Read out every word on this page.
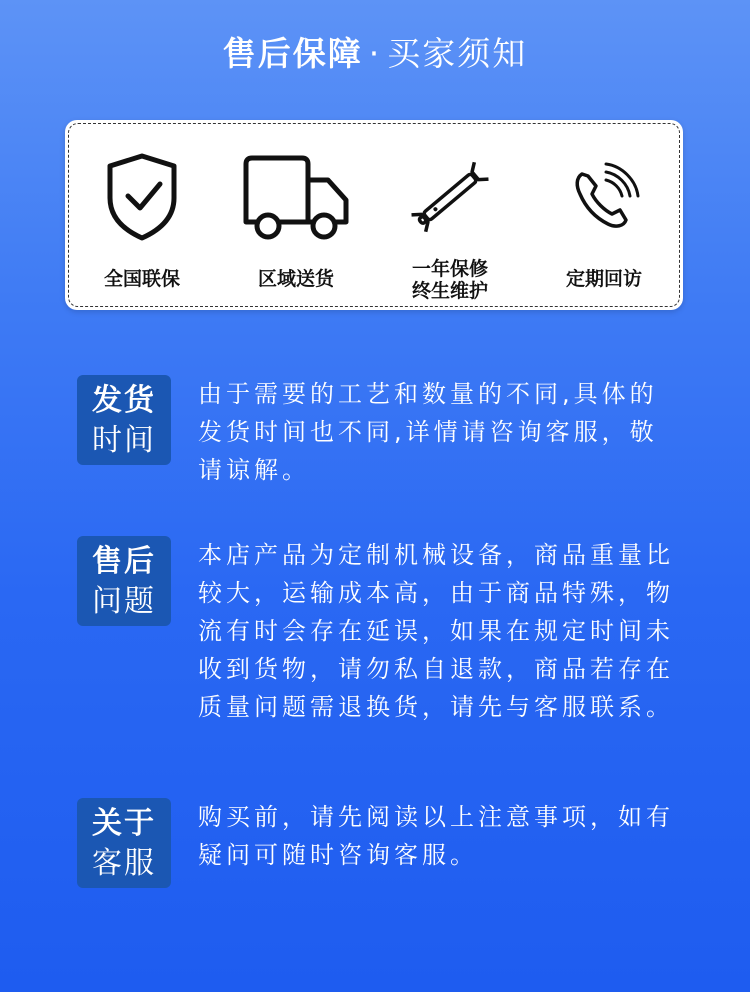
售后保障 · 买家须知
全国联保	区域送货	一年保修
终生维护
定期回访
发货
时间
由于需要的工艺和数量的不同,具体的发货时间也不同,详情请咨询客服，敬请谅解。
售后
问题
本店产品为定制机械设备，商品重量比较大，运输成本高，由于商品特殊，物流有时会存在延误，如果在规定时间未收到货物，请勿私自退款，商品若存在质量问题需退换货，请先与客服联系。
关于
客服
购买前，请先阅读以上注意事项，如有疑问可随时咨询客服。
